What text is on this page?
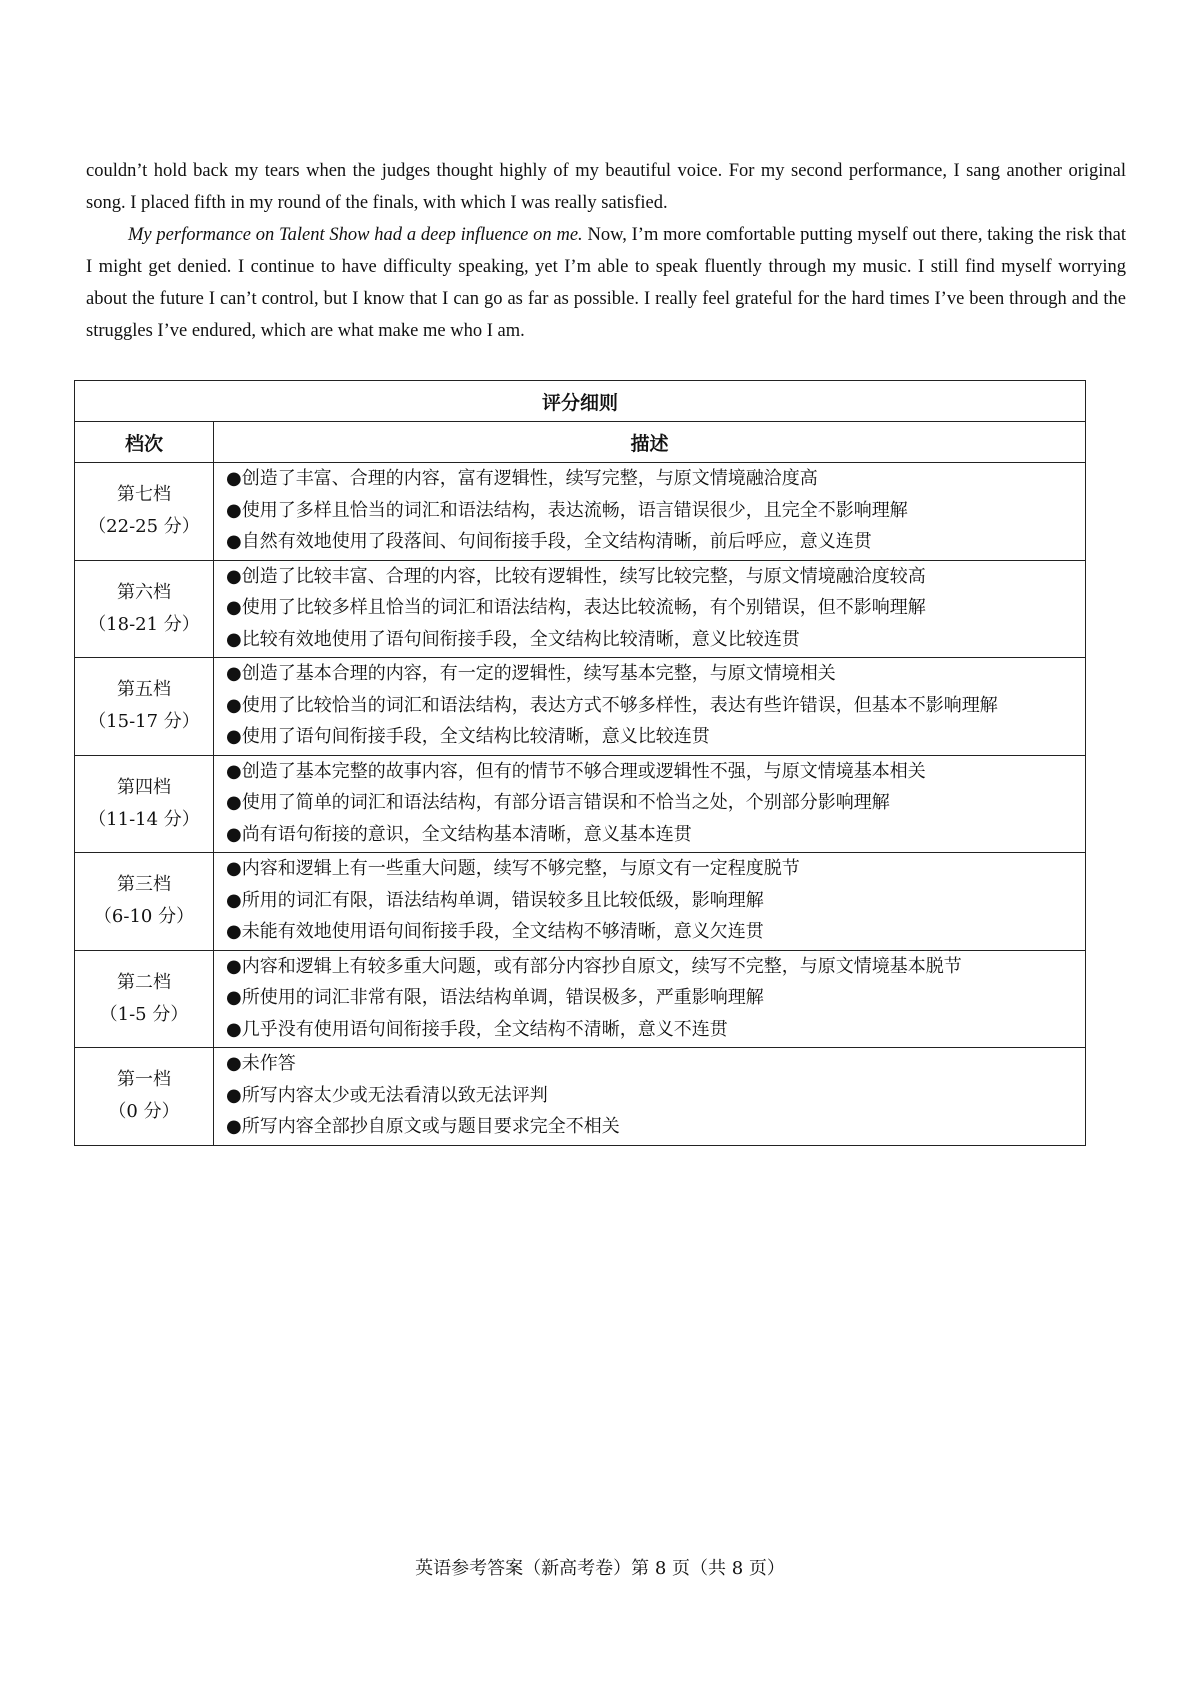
couldn’t hold back my tears when the judges thought highly of my beautiful voice. For my second performance, I sang another original song. I placed fifth in my round of the finals, with which I was really satisfied.

My performance on Talent Show had a deep influence on me. Now, I’m more comfortable putting myself out there, taking the risk that I might get denied. I continue to have difficulty speaking, yet I’m able to speak fluently through my music. I still find myself worrying about the future I can’t control, but I know that I can go as far as possible. I really feel grateful for the hard times I’ve been through and the struggles I’ve endured, which are what make me who I am.

评分细则	
档次	描述

第七档
（22-25 分）	●创造了丰富、合理的内容，富有逻辑性，续写完整，与原文情境融洽度高
●使用了多样且恰当的词汇和语法结构，表达流畅，语言错误很少，且完全不影响理解
●自然有效地使用了段落间、句间衔接手段，全文结构清晰，前后呼应，意义连贯

第六档
（18-21 分）	●创造了比较丰富、合理的内容，比较有逻辑性，续写比较完整，与原文情境融洽度较高
●使用了比较多样且恰当的词汇和语法结构，表达比较流畅，有个别错误，但不影响理解
●比较有效地使用了语句间衔接手段，全文结构比较清晰，意义比较连贯

第五档
（15-17 分）	●创造了基本合理的内容，有一定的逻辑性，续写基本完整，与原文情境相关
●使用了比较恰当的词汇和语法结构，表达方式不够多样性，表达有些许错误，但基本不影响理解
●使用了语句间衔接手段，全文结构比较清晰，意义比较连贯

第四档
（11-14 分）	●创造了基本完整的故事内容，但有的情节不够合理或逻辑性不强，与原文情境基本相关
●使用了简单的词汇和语法结构，有部分语言错误和不恰当之处，个别部分影响理解
●尚有语句衔接的意识，全文结构基本清晰，意义基本连贯

第三档
（6-10 分）	●内容和逻辑上有一些重大问题，续写不够完整，与原文有一定程度脱节
●所用的词汇有限，语法结构单调，错误较多且比较低级，影响理解
●未能有效地使用语句间衔接手段，全文结构不够清晰，意义欠连贯

第二档
（1-5 分）	●内容和逻辑上有较多重大问题，或有部分内容抄自原文，续写不完整，与原文情境基本脱节
●所使用的词汇非常有限，语法结构单调，错误极多，严重影响理解
●几乎没有使用语句间衔接手段，全文结构不清晰，意义不连贯

第一档
（0 分）	●未作答
●所写内容太少或无法看清以致无法评判
●所写内容全部抄自原文或与题目要求完全不相关
英语参考答案（新高考卷）第 8 页（共 8 页）
